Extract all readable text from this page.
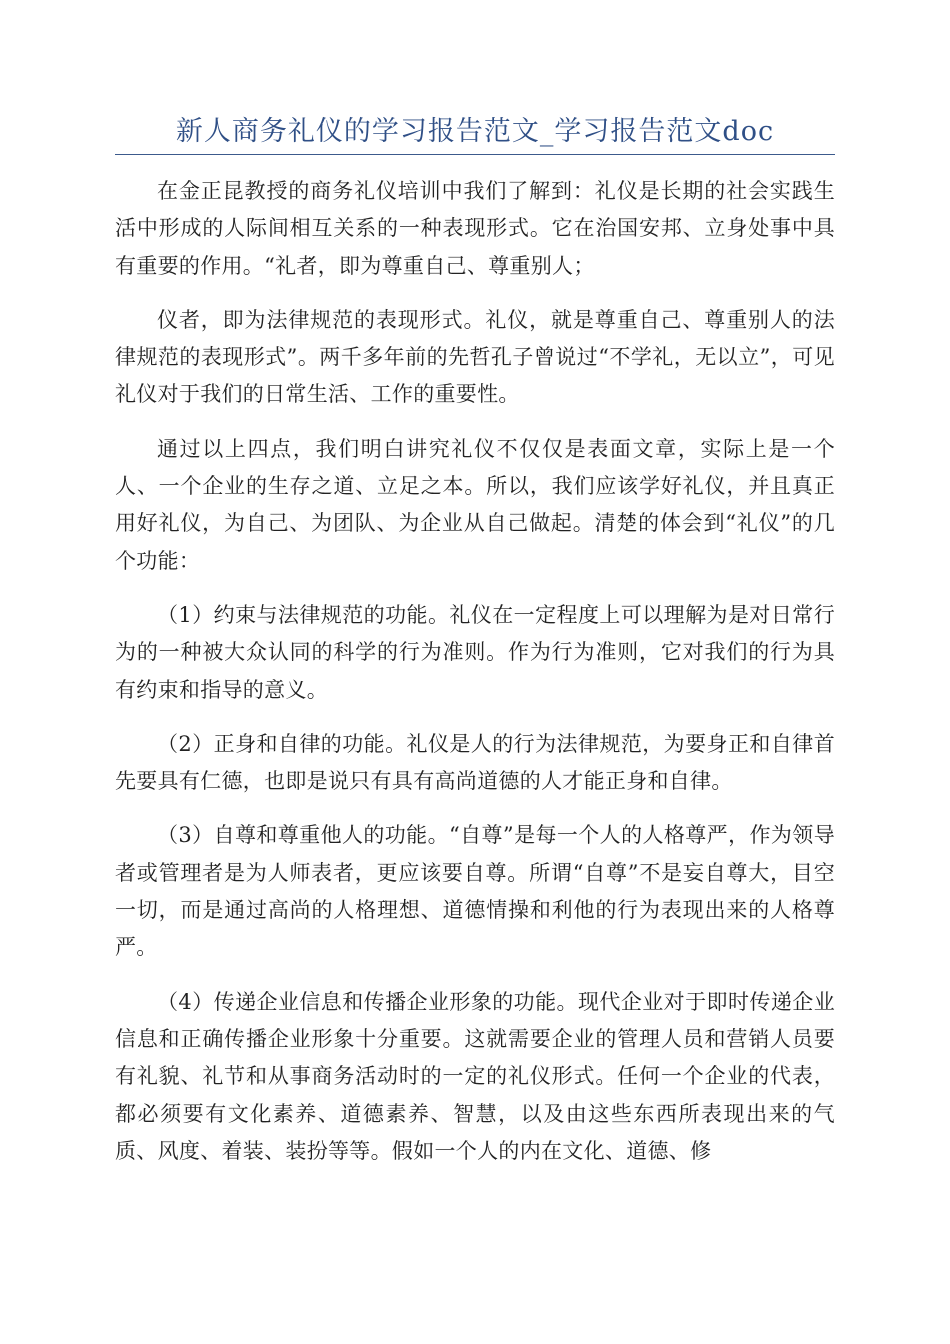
新人商务礼仪的学习报告范文_学习报告范文doc

在金正昆教授的商务礼仪培训中我们了解到：礼仪是长期的社会实践生活中形成的人际间相互关系的一种表现形式。它在治国安邦、立身处事中具有重要的作用。“礼者，即为尊重自己、尊重别人；

仪者，即为法律规范的表现形式。礼仪，就是尊重自己、尊重别人的法律规范的表现形式”。两千多年前的先哲孔子曾说过“不学礼，无以立”，可见礼仪对于我们的日常生活、工作的重要性。

通过以上四点，我们明白讲究礼仪不仅仅是表面文章，实际上是一个人、一个企业的生存之道、立足之本。所以，我们应该学好礼仪，并且真正用好礼仪，为自己、为团队、为企业从自己做起。清楚的体会到“礼仪”的几个功能：

（1）约束与法律规范的功能。礼仪在一定程度上可以理解为是对日常行为的一种被大众认同的科学的行为准则。作为行为准则，它对我们的行为具有约束和指导的意义。

（2）正身和自律的功能。礼仪是人的行为法律规范，为要身正和自律首先要具有仁德，也即是说只有具有高尚道德的人才能正身和自律。

（3）自尊和尊重他人的功能。“自尊”是每一个人的人格尊严，作为领导者或管理者是为人师表者，更应该要自尊。所谓“自尊”不是妄自尊大，目空一切，而是通过高尚的人格理想、道德情操和利他的行为表现出来的人格尊严。

（4）传递企业信息和传播企业形象的功能。现代企业对于即时传递企业信息和正确传播企业形象十分重要。这就需要企业的管理人员和营销人员要有礼貌、礼节和从事商务活动时的一定的礼仪形式。任何一个企业的代表，都必须要有文化素养、道德素养、智慧，以及由这些东西所表现出来的气质、风度、着装、装扮等等。假如一个人的内在文化、道德、修
